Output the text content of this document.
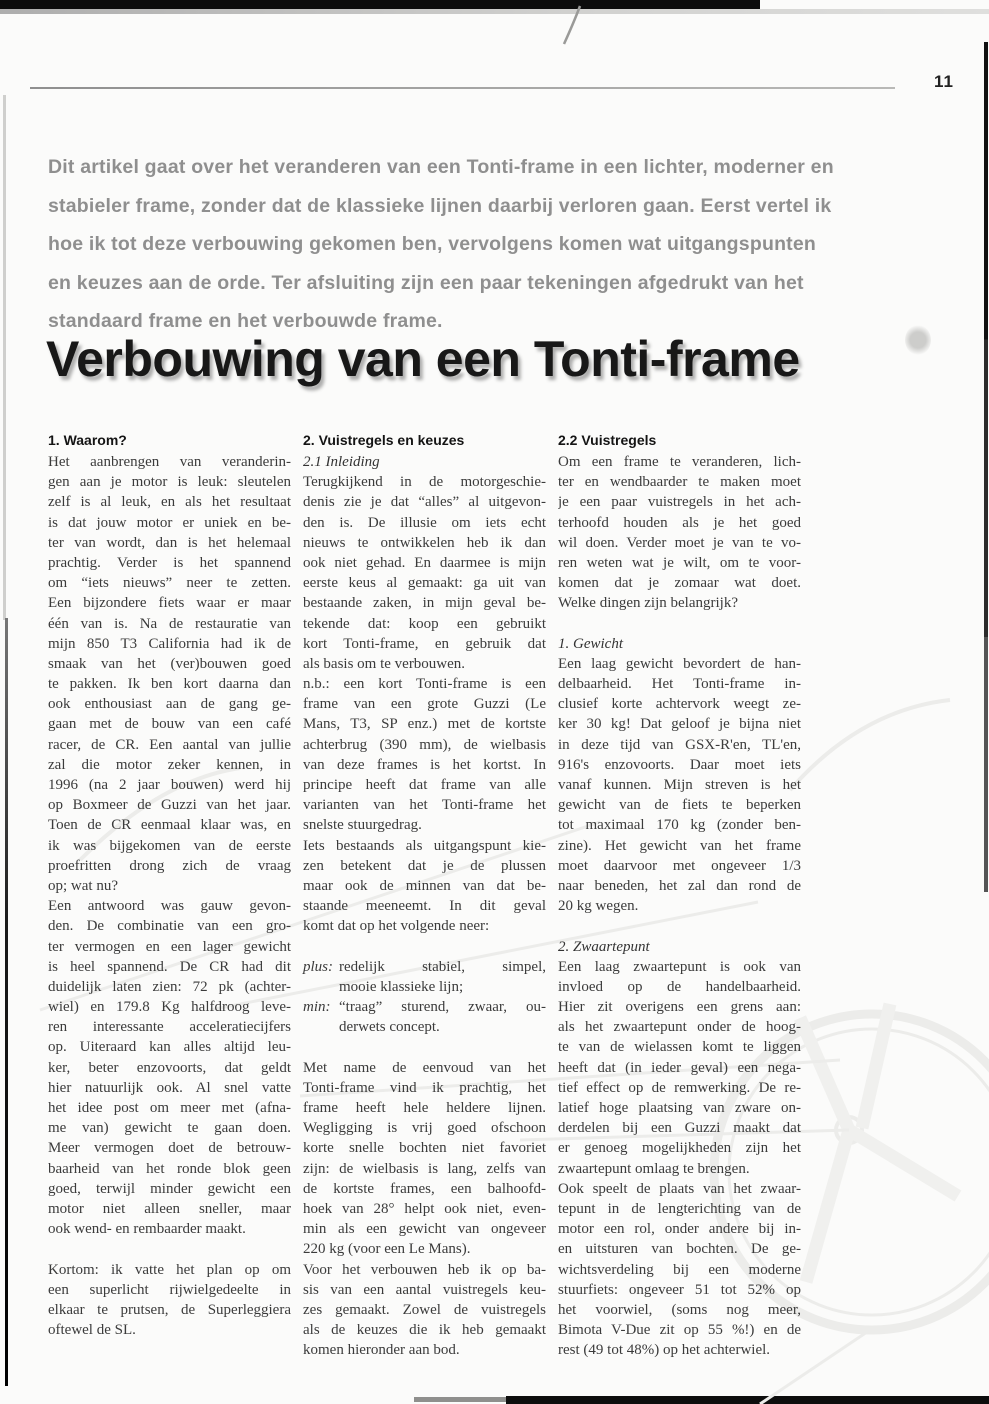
11
Dit artikel gaat over het veranderen van een Tonti-frame in een lichter, moderner en
stabieler frame, zonder dat de klassieke lijnen daarbij verloren gaan. Eerst vertel ik
hoe ik tot deze verbouwing gekomen ben, vervolgens komen wat uitgangspunten
en keuzes aan de orde. Ter afsluiting zijn een paar tekeningen afgedrukt van het
standaard frame en het verbouwde frame.
Verbouwing van een Tonti-frame
1. Waarom?
Het aanbrengen van veranderin-
gen aan je motor is leuk: sleutelen
zelf is al leuk, en als het resultaat
is dat jouw motor er uniek en be-
ter van wordt, dan is het helemaal
prachtig. Verder is het spannend
om “iets nieuws” neer te zetten.
Een bijzondere fiets waar er maar
één van is. Na de restauratie van
mijn 850 T3 California had ik de
smaak van het (ver)bouwen goed
te pakken. Ik ben kort daarna dan
ook enthousiast aan de gang ge-
gaan met de bouw van een café
racer, de CR. Een aantal van jullie
zal die motor zeker kennen, in
1996 (na 2 jaar bouwen) werd hij
op Boxmeer de Guzzi van het jaar.
Toen de CR eenmaal klaar was, en
ik was bijgekomen van de eerste
proefritten drong zich de vraag
op; wat nu?
Een antwoord was gauw gevon-
den. De combinatie van een gro-
ter vermogen en een lager gewicht
is heel spannend. De CR had dit
duidelijk laten zien: 72 pk (achter-
wiel) en 179.8 Kg halfdroog leve-
ren interessante acceleratiecijfers
op. Uiteraard kan alles altijd leu-
ker, beter enzovoorts, dat geldt
hier natuurlijk ook. Al snel vatte
het idee post om meer met (afna-
me van) gewicht te gaan doen.
Meer vermogen doet de betrouw-
baarheid van het ronde blok geen
goed, terwijl minder gewicht een
motor niet alleen sneller, maar
ook wend- en rembaarder maakt.
Kortom: ik vatte het plan op om
een superlicht rijwielgedeelte in
elkaar te prutsen, de Superleggiera
oftewel de SL.
2. Vuistregels en keuzes
2.1 Inleiding
Terugkijkend in de motorgeschie-
denis zie je dat “alles” al uitgevon-
den is. De illusie om iets echt
nieuws te ontwikkelen heb ik dan
ook niet gehad. En daarmee is mijn
eerste keus al gemaakt: ga uit van
bestaande zaken, in mijn geval be-
tekende dat: koop een gebruikt
kort Tonti-frame, en gebruik dat
als basis om te verbouwen.
n.b.: een kort Tonti-frame is een
frame van een grote Guzzi (Le
Mans, T3, SP enz.) met de kortste
achterbrug (390 mm), de wielbasis
van deze frames is het kortst. In
principe heeft dat frame van alle
varianten van het Tonti-frame het
snelste stuurgedrag.
Iets bestaands als uitgangspunt kie-
zen betekent dat je de plussen
maar ook de minnen van dat be-
staande meeneemt. In dit geval
komt dat op het volgende neer:
plus: redelijk stabiel, simpel,
mooie klassieke lijn;
min: “traag” sturend, zwaar, ou-
derwets concept.
Met name de eenvoud van het
Tonti-frame vind ik prachtig, het
frame heeft hele heldere lijnen.
Wegligging is vrij goed ofschoon
korte snelle bochten niet favoriet
zijn: de wielbasis is lang, zelfs van
de kortste frames, een balhoofd-
hoek van 28° helpt ook niet, even-
min als een gewicht van ongeveer
220 kg (voor een Le Mans).
Voor het verbouwen heb ik op ba-
sis van een aantal vuistregels keu-
zes gemaakt. Zowel de vuistregels
als de keuzes die ik heb gemaakt
komen hieronder aan bod.
2.2 Vuistregels
Om een frame te veranderen, lich-
ter en wendbaarder te maken moet
je een paar vuistregels in het ach-
terhoofd houden als je het goed
wil doen. Verder moet je van te vo-
ren weten wat je wilt, om te voor-
komen dat je zomaar wat doet.
Welke dingen zijn belangrijk?
1. Gewicht
Een laag gewicht bevordert de han-
delbaarheid. Het Tonti-frame in-
clusief korte achtervork weegt ze-
ker 30 kg! Dat geloof je bijna niet
in deze tijd van GSX-R'en, TL'en,
916's enzovoorts. Daar moet iets
vanaf kunnen. Mijn streven is het
gewicht van de fiets te beperken
tot maximaal 170 kg (zonder ben-
zine). Het gewicht van het frame
moet daarvoor met ongeveer 1/3
naar beneden, het zal dan rond de
20 kg wegen.
2. Zwaartepunt
Een laag zwaartepunt is ook van
invloed op de handelbaarheid.
Hier zit overigens een grens aan:
als het zwaartepunt onder de hoog-
te van de wielassen komt te liggen
heeft dat (in ieder geval) een nega-
tief effect op de remwerking. De re-
latief hoge plaatsing van zware on-
derdelen bij een Guzzi maakt dat
er genoeg mogelijkheden zijn het
zwaartepunt omlaag te brengen.
Ook speelt de plaats van het zwaar-
tepunt in de lengterichting van de
motor een rol, onder andere bij in-
en uitsturen van bochten. De ge-
wichtsverdeling bij een moderne
stuurfiets: ongeveer 51 tot 52% op
het voorwiel, (soms nog meer,
Bimota V-Due zit op 55 %!) en de
rest (49 tot 48%) op het achterwiel.
